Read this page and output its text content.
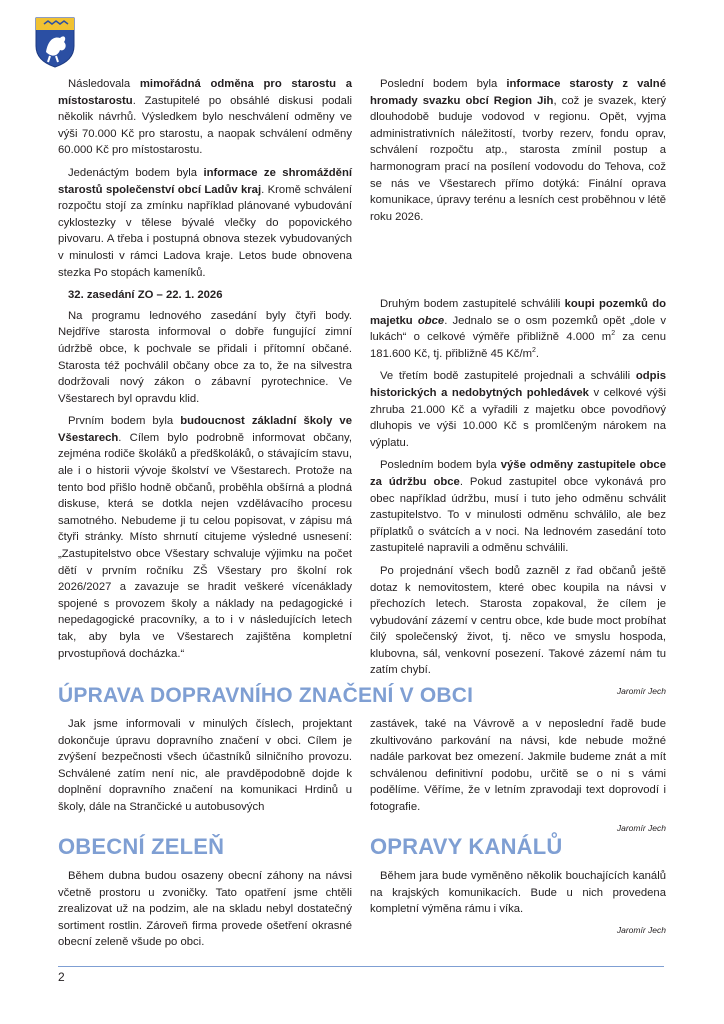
Následovala mimořádná odměna pro starostu a místostarostu. Zastupitelé po obsáhlé diskusi podali několik návrhů. Výsledkem bylo neschválení odměny ve výši 70.000 Kč pro starostu, a naopak schválení odměny 60.000 Kč pro místostarostu.

Jedenáctým bodem byla informace ze shromáždění starostů společenství obcí Ladův kraj. Kromě schválení rozpočtu stojí za zmínku například plánované vybudování cyklostezky v tělese bývalé vlečky do popovického pivovaru. A třeba i postupná obnova stezek vybudovaných v minulosti v rámci Ladova kraje. Letos bude obnovena stezka Po stopách kameníků.

32. zasedání ZO – 22. 1. 2026

Na programu lednového zasedání byly čtyři body. Nejdříve starosta informoval o dobře fungující zimní údržbě obce, k pochvale se přidali i přítomní občané. Starosta též pochválil občany obce za to, že na silvestra dodržovali nový zákon o zábavní pyrotechnice. Ve Všestarech byl opravdu klid.

Prvním bodem byla budoucnost základní školy ve Všestarech. Cílem bylo podrobně informovat občany, zejména rodiče školáků a předškoláků, o stávajícím stavu, ale i o historii vývoje školství ve Všestarech. Protože na tento bod přišlo hodně občanů, proběhla obšírná a plodná diskuse, která se dotkla nejen vzdělávacího procesu samotného. Nebudeme ji tu celou popisovat, v zápisu má čtyři stránky. Místo shrnutí citujeme výsledné usnesení: „Zastupitelstvo obce Všestary schvaluje výjimku na počet dětí v prvním ročníku ZŠ Všestary pro školní rok 2026/2027 a zavazuje se hradit veškeré vícenáklady spojené s provozem školy a náklady na pedagogické i nepedagogické pracovníky, a to i v následujících letech tak, aby byla ve Všestarech zajištěna kompletní prvostupňová docházka.“

Poslední bodem byla informace starosty z valné hromady svazku obcí Region Jih, což je svazek, který dlouhodobě buduje vodovod v regionu. Opět, vyjma administrativních náležitostí, tvorby rezerv, fondu oprav, schválení rozpočtu atp., starosta zmínil postup a harmonogram prací na posílení vodovodu do Tehova, což se nás ve Všestarech přímo dotýká: Finální oprava komunikace, úpravy terénu a lesních cest proběhnou v létě roku 2026.

Druhým bodem zastupitelé schválili koupi pozemků do majetku obce. Jednalo se o osm pozemků opět „dole v lukách“ o celkové výměře přibližně 4.000 $m^2$ za cenu 181.600 Kč, tj. přibližně 45 $Kč/m^2$.

Ve třetím bodě zastupitelé projednali a schválili odpis historických a nedobytných pohledávek v celkové výši zhruba 21.000 Kč a vyřadili z majetku obce povodňový dluhopis ve výši 10.000 Kč s promlčeným nárokem na výplatu.

Posledním bodem byla výše odměny zastupitele obce za údržbu obce. Pokud zastupitel obce vykonává pro obec například údržbu, musí i tuto jeho odměnu schválit zastupitelstvo. To v minulosti odměnu schválilo, ale bez příplatků o svátcích a v noci. Na lednovém zasedání toto zastupitelé napravili a odměnu schválili.

Po projednání všech bodů zazněl z řad občanů ještě dotaz k nemovitostem, které obec koupila na návsi v přechozích letech. Starosta zopakoval, že cílem je vybudování zázemí v centru obce, kde bude moct probíhat čilý společenský život, tj. něco ve smyslu hospoda, klubovna, sál, venkovní posezení. Takové zázemí nám tu zatím chybí.

Jaromír Jech
ÚPRAVA DOPRAVNÍHO ZNAČENÍ V OBCI

Jak jsme informovali v minulých číslech, projektant dokončuje úpravu dopravního značení v obci. Cílem je zvýšení bezpečnosti všech účastníků silničního provozu. Schválené zatím není nic, ale pravděpodobně dojde k doplnění dopravního značení na komunikaci Hrdinů u školy, dále na Strančické u autobusových

zastávek, také na Vávrově a v neposlední řadě bude zkultivováno parkování na návsi, kde nebude možné nadále parkovat bez omezení. Jakmile budeme znát a mít schválenou definitivní podobu, určitě se o ni s vámi podělíme. Věříme, že v letním zpravodaji text doprovodí i fotografie.

Jaromír Jech
OBECNÍ ZELEŇ

Během dubna budou osazeny obecní záhony na návsi včetně prostoru u zvoničky. Tato opatření jsme chtěli zrealizovat už na podzim, ale na skladu nebyl dostatečný sortiment rostlin. Zároveň firma provede ošetření okrasné obecní zeleně všude po obci.

OPRAVY KANÁLŮ

Během jara bude vyměněno několik bouchajících kanálů na krajských komunikacích. Bude u nich provedena kompletní výměna rámu i víka.

Jaromír Jech
2
